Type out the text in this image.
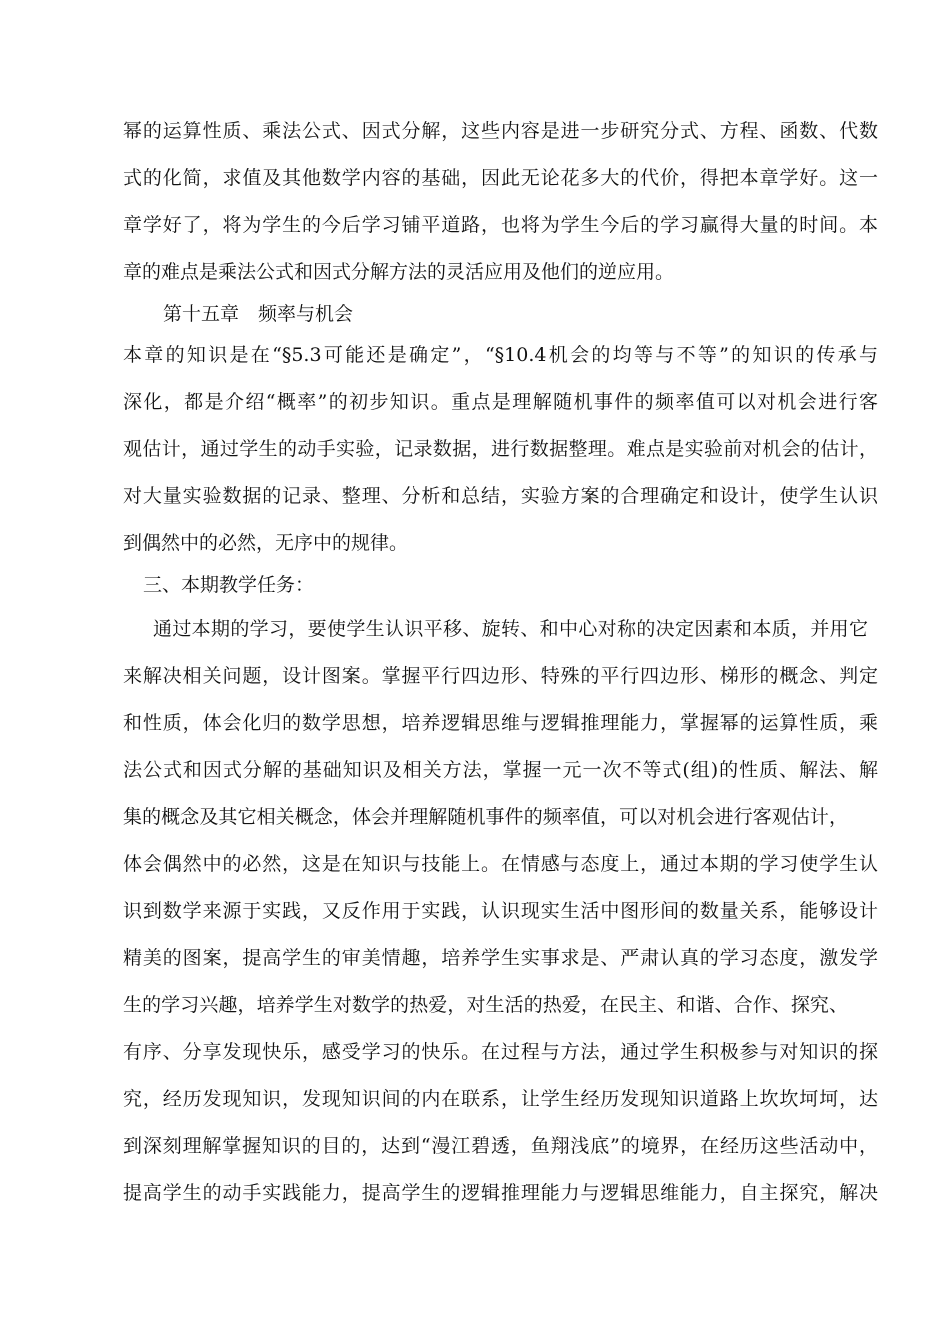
幂的运算性质、乘法公式、因式分解，这些内容是进一步研究分式、方程、函数、代数
式的化简，求值及其他数学内容的基础，因此无论花多大的代价，得把本章学好。这一
章学好了，将为学生的今后学习铺平道路，也将为学生今后的学习赢得大量的时间。本
章的难点是乘法公式和因式分解方法的灵活应用及他们的逆应用。
第十五章　频率与机会
本章的知识是在“§5.3可能还是确定”，“§10.4机会的均等与不等”的知识的传承与
深化，都是介绍“概率”的初步知识。重点是理解随机事件的频率值可以对机会进行客
观估计，通过学生的动手实验，记录数据，进行数据整理。难点是实验前对机会的估计，
对大量实验数据的记录、整理、分析和总结，实验方案的合理确定和设计，使学生认识
到偶然中的必然，无序中的规律。
三、本期教学任务：
通过本期的学习，要使学生认识平移、旋转、和中心对称的决定因素和本质，并用它
来解决相关问题，设计图案。掌握平行四边形、特殊的平行四边形、梯形的概念、判定
和性质，体会化归的数学思想，培养逻辑思维与逻辑推理能力，掌握幂的运算性质，乘
法公式和因式分解的基础知识及相关方法，掌握一元一次不等式(组)的性质、解法、解
集的概念及其它相关概念，体会并理解随机事件的频率值，可以对机会进行客观估计，
体会偶然中的必然，这是在知识与技能上。在情感与态度上，通过本期的学习使学生认
识到数学来源于实践，又反作用于实践，认识现实生活中图形间的数量关系，能够设计
精美的图案，提高学生的审美情趣，培养学生实事求是、严肃认真的学习态度，激发学
生的学习兴趣，培养学生对数学的热爱，对生活的热爱，在民主、和谐、合作、探究、
有序、分享发现快乐，感受学习的快乐。在过程与方法，通过学生积极参与对知识的探
究，经历发现知识，发现知识间的内在联系，让学生经历发现知识道路上坎坎坷坷，达
到深刻理解掌握知识的目的，达到“漫江碧透，鱼翔浅底”的境界，在经历这些活动中，
提高学生的动手实践能力，提高学生的逻辑推理能力与逻辑思维能力，自主探究，解决
